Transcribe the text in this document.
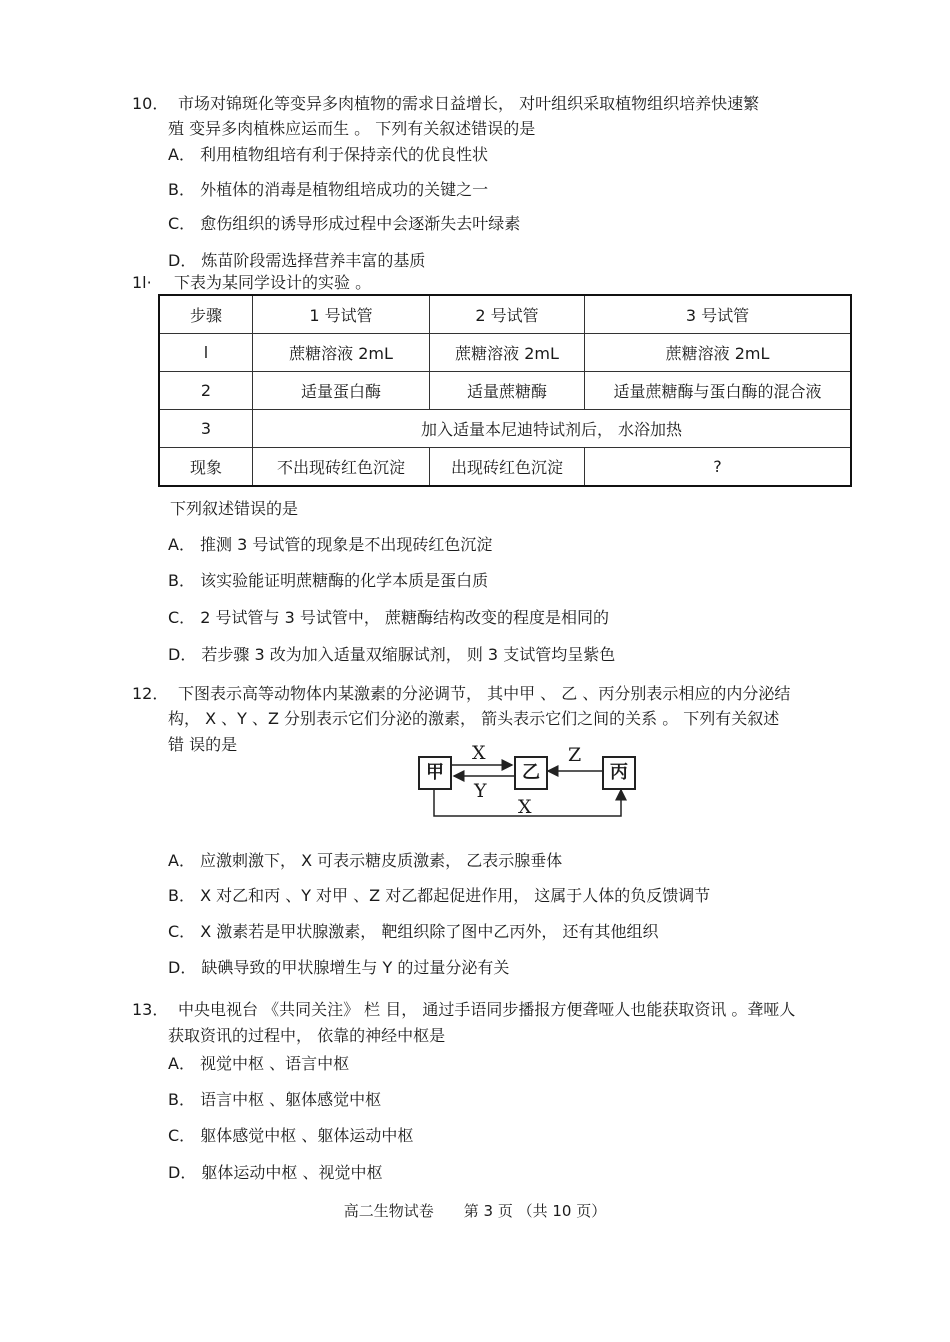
10． 市场对锦斑化等变异多肉植物的需求日益增长， 对叶组织采取植物组织培养快速繁
殖 变异多肉植株应运而生 。 下列有关叙述错误的是
A． 利用植物组培有利于保持亲代的优良性状
B． 外植体的消毒是植物组培成功的关键之一
C． 愈伤组织的诱导形成过程中会逐渐失去叶绿素
D． 炼苗阶段需选择营养丰富的基质
1l· 下表为某同学设计的实验 。
步骤	1 号试管	2 号试管	3 号试管
l	蔗糖溶液 2mL	蔗糖溶液 2mL	蔗糖溶液 2mL
2	适量蛋白酶	适量蔗糖酶	适量蔗糖酶与蛋白酶的混合液
3	加入适量本尼迪特试剂后， 水浴加热		
现象	不出现砖红色沉淀	出现砖红色沉淀	?
下列叙述错误的是
A． 推测 3 号试管的现象是不出现砖红色沉淀
B． 该实验能证明蔗糖酶的化学本质是蛋白质
C． 2 号试管与 3 号试管中， 蔗糖酶结构改变的程度是相同的
D． 若步骤 3 改为加入适量双缩脲试剂， 则 3 支试管均呈紫色
12． 下图表示高等动物体内某激素的分泌调节， 其中甲 、 乙 、丙分别表示相应的内分泌结
构， X 、Y 、Z 分别表示它们分泌的激素， 箭头表示它们之间的关系 。 下列有关叙述
错 误的是
甲	乙	丙
X
Y
Z
X
A． 应激刺激下， X 可表示糖皮质激素， 乙表示腺垂体
B． X 对乙和丙 、Y 对甲 、Z 对乙都起促进作用， 这属于人体的负反馈调节
C． X 激素若是甲状腺激素， 靶组织除了图中乙丙外， 还有其他组织
D． 缺碘导致的甲状腺增生与 Y 的过量分泌有关
13． 中央电视台 《共同关注》 栏 目， 通过手语同步播报方便聋哑人也能获取资讯 。聋哑人
获取资讯的过程中， 依靠的神经中枢是
A． 视觉中枢 、语言中枢
B． 语言中枢 、躯体感觉中枢
C． 躯体感觉中枢 、躯体运动中枢
D． 躯体运动中枢 、视觉中枢
高二生物试卷　　第 3 页 （共 10 页）
